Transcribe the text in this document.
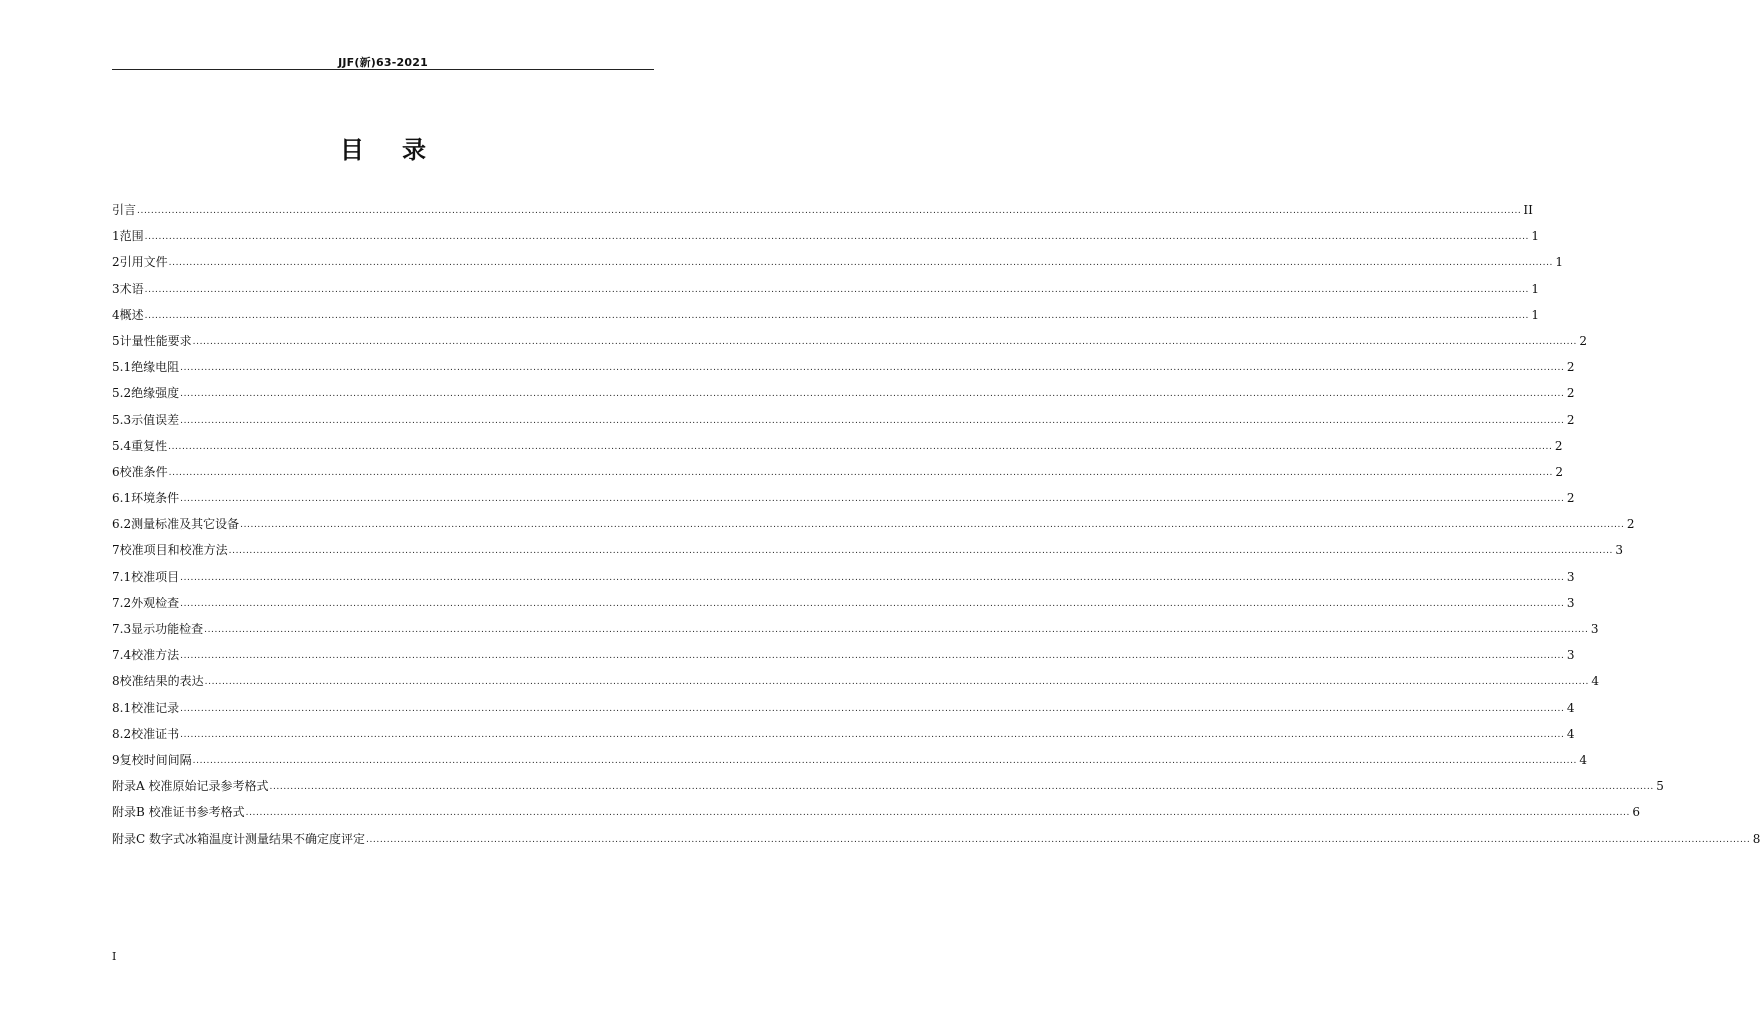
JJF(新)63-2021
目 录
引 言 ................................................................................................................................................................................................................................................................................................................................................................................................................ II
1 范围 ................................................................................................................................................................................................................................................................................................................................................................................................................ 1
2 引用文件 ................................................................................................................................................................................................................................................................................................................................................................................................................ 1
3 术语 ................................................................................................................................................................................................................................................................................................................................................................................................................ 1
4 概述 ................................................................................................................................................................................................................................................................................................................................................................................................................ 1
5 计量性能要求 ................................................................................................................................................................................................................................................................................................................................................................................................................ 2
5.1 绝缘电阻 ................................................................................................................................................................................................................................................................................................................................................................................................................ 2
5.2 绝缘强度 ................................................................................................................................................................................................................................................................................................................................................................................................................ 2
5.3 示值误差 ................................................................................................................................................................................................................................................................................................................................................................................................................ 2
5.4 重复性 ................................................................................................................................................................................................................................................................................................................................................................................................................ 2
6 校准条件 ................................................................................................................................................................................................................................................................................................................................................................................................................ 2
6.1 环境条件 ................................................................................................................................................................................................................................................................................................................................................................................................................ 2
6.2 测量标准及其它设备 ................................................................................................................................................................................................................................................................................................................................................................................................................ 2
7 校准项目和校准方法 ................................................................................................................................................................................................................................................................................................................................................................................................................ 3
7.1 校准项目 ................................................................................................................................................................................................................................................................................................................................................................................................................ 3
7.2 外观检查 ................................................................................................................................................................................................................................................................................................................................................................................................................ 3
7.3 显示功能检查 ................................................................................................................................................................................................................................................................................................................................................................................................................ 3
7.4 校准方法 ................................................................................................................................................................................................................................................................................................................................................................................................................ 3
8 校准结果的表达 ................................................................................................................................................................................................................................................................................................................................................................................................................ 4
8.1 校准记录 ................................................................................................................................................................................................................................................................................................................................................................................................................ 4
8.2 校准证书 ................................................................................................................................................................................................................................................................................................................................................................................................................ 4
9 复校时间间隔 ................................................................................................................................................................................................................................................................................................................................................................................................................ 4
附录A 校准原始记录参考格式 ................................................................................................................................................................................................................................................................................................................................................................................................................ 5
附录B 校准证书参考格式 ................................................................................................................................................................................................................................................................................................................................................................................................................ 6
附录C 数字式冰箱温度计测量结果不确定度评定 ................................................................................................................................................................................................................................................................................................................................................................................................................ 8
I
